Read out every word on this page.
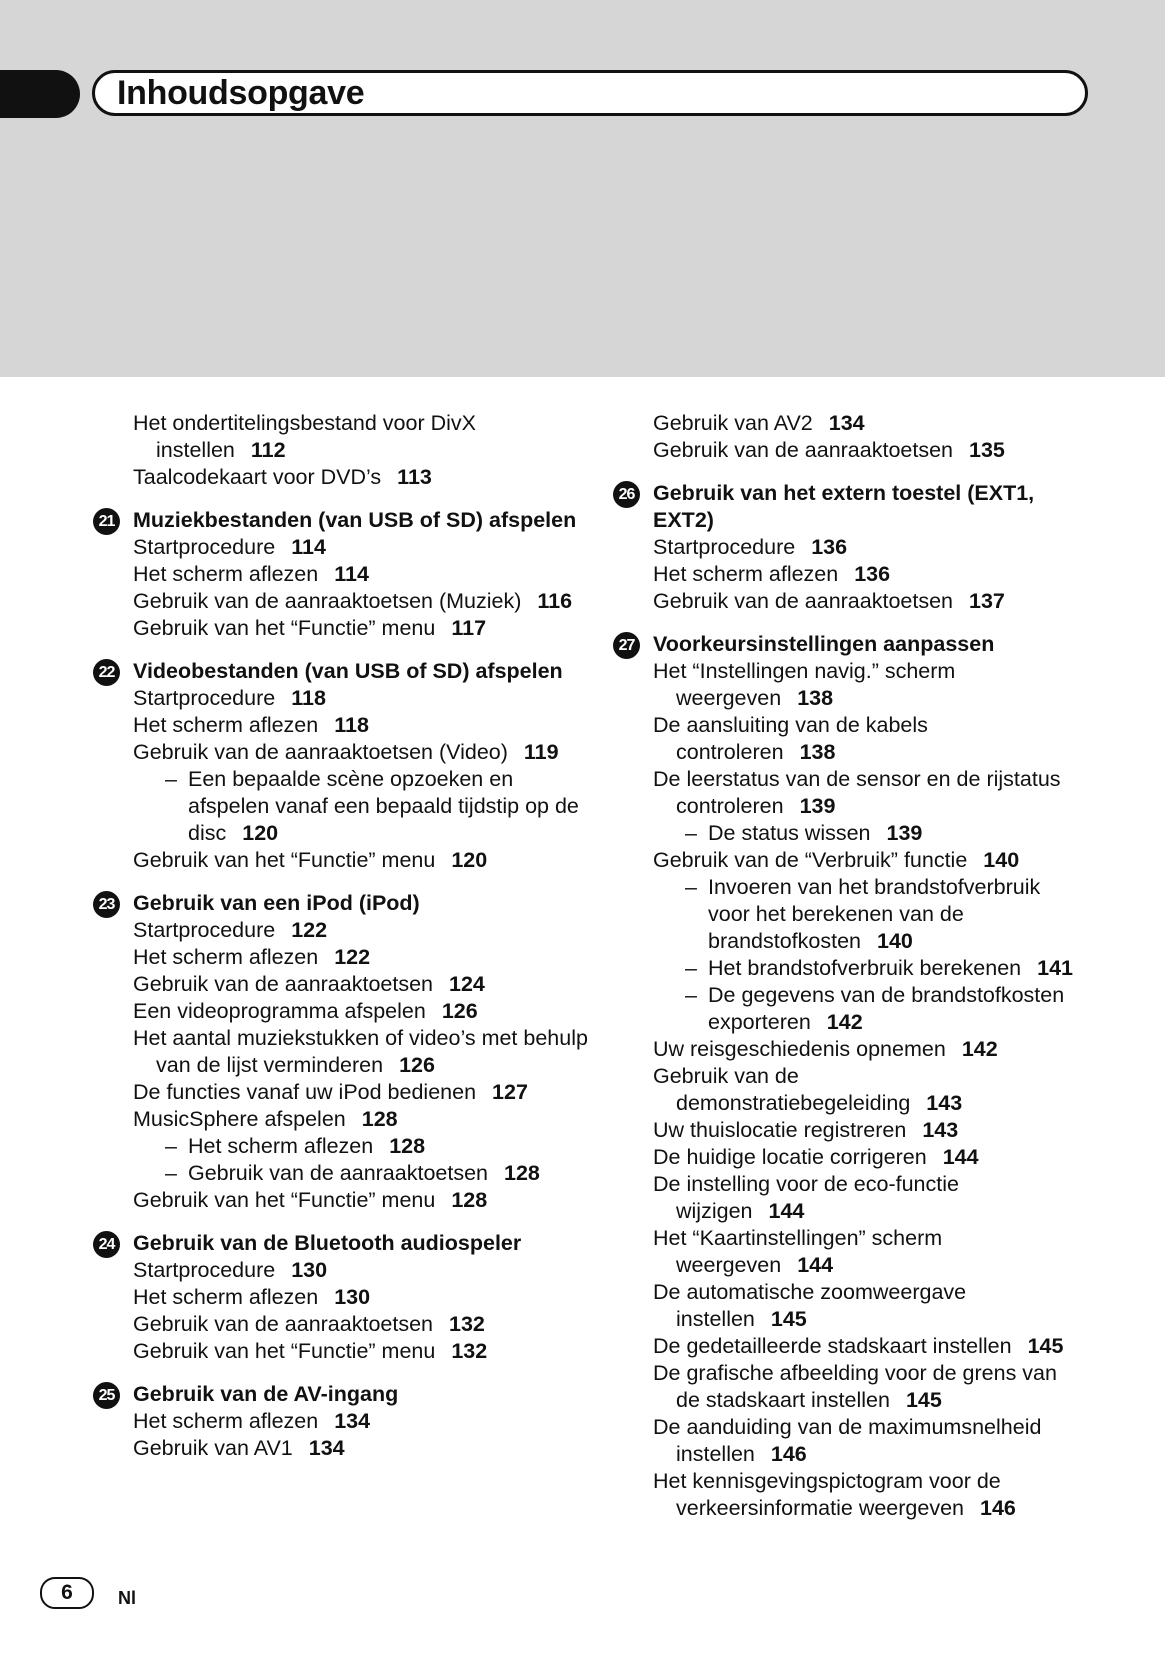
Inhoudsopgave
Het ondertitelingsbestand voor DivX instellen 112
Taalcodekaart voor DVD’s 113
21 Muziekbestanden (van USB of SD) afspelen
Startprocedure 114
Het scherm aflezen 114
Gebruik van de aanraaktoetsen (Muziek) 116
Gebruik van het “Functie” menu 117
22 Videobestanden (van USB of SD) afspelen
Startprocedure 118
Het scherm aflezen 118
Gebruik van de aanraaktoetsen (Video) 119
– Een bepaalde scène opzoeken en afspelen vanaf een bepaald tijdstip op de disc 120
Gebruik van het “Functie” menu 120
23 Gebruik van een iPod (iPod)
Startprocedure 122
Het scherm aflezen 122
Gebruik van de aanraaktoetsen 124
Een videoprogramma afspelen 126
Het aantal muziekstukken of video’s met behulp van de lijst verminderen 126
De functies vanaf uw iPod bedienen 127
MusicSphere afspelen 128
– Het scherm aflezen 128
– Gebruik van de aanraaktoetsen 128
Gebruik van het “Functie” menu 128
24 Gebruik van de Bluetooth audiospeler
Startprocedure 130
Het scherm aflezen 130
Gebruik van de aanraaktoetsen 132
Gebruik van het “Functie” menu 132
25 Gebruik van de AV-ingang
Het scherm aflezen 134
Gebruik van AV1 134
Gebruik van AV2 134
Gebruik van de aanraaktoetsen 135
26 Gebruik van het extern toestel (EXT1, EXT2)
Startprocedure 136
Het scherm aflezen 136
Gebruik van de aanraaktoetsen 137
27 Voorkeursinstellingen aanpassen
Het “Instellingen navig.” scherm weergeven 138
De aansluiting van de kabels controleren 138
De leerstatus van de sensor en de rijstatus controleren 139
– De status wissen 139
Gebruik van de “Verbruik” functie 140
– Invoeren van het brandstofverbruik voor het berekenen van de brandstofkosten 140
– Het brandstofverbruik berekenen 141
– De gegevens van de brandstofkosten exporteren 142
Uw reisgeschiedenis opnemen 142
Gebruik van de demonstratiebegeleiding 143
Uw thuislocatie registreren 143
De huidige locatie corrigeren 144
De instelling voor de eco-functie wijzigen 144
Het “Kaartinstellingen” scherm weergeven 144
De automatische zoomweergave instellen 145
De gedetailleerde stadskaart instellen 145
De grafische afbeelding voor de grens van de stadskaart instellen 145
De aanduiding van de maximumsnelheid instellen 146
Het kennisgevingspictogram voor de verkeersinformatie weergeven 146
6	Nl
